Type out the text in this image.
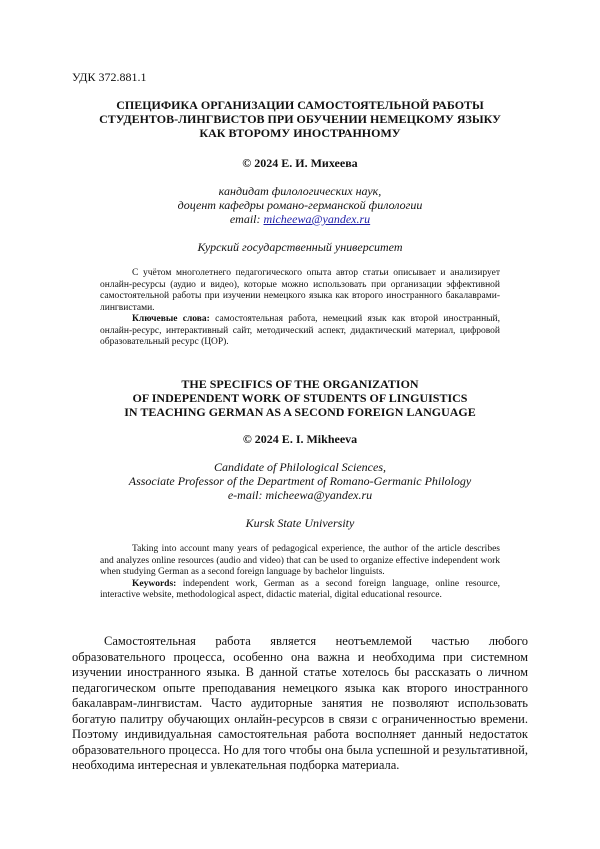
УДК 372.881.1
СПЕЦИФИКА ОРГАНИЗАЦИИ САМОСТОЯТЕЛЬНОЙ РАБОТЫ
СТУДЕНТОВ-ЛИНГВИСТОВ ПРИ ОБУЧЕНИИ НЕМЕЦКОМУ ЯЗЫКУ
КАК ВТОРОМУ ИНОСТРАННОМУ
© 2024 Е. И. Михеева
кандидат филологических наук,
доцент кафедры романо-германской филологии
email: micheewa@yandex.ru
Курский государственный университет

С учётом многолетнего педагогического опыта автор статьи описывает и анализирует онлайн-ресурсы (аудио и видео), которые можно использовать при организации эффективной самостоятельной работы при изучении немецкого языка как второго иностранного бакалаврами-лингвистами.

Ключевые слова: самостоятельная работа, немецкий язык как второй иностранный, онлайн-ресурс, интерактивный сайт, методический аспект, дидактический материал, цифровой образовательный ресурс (ЦОР).

THE SPECIFICS OF THE ORGANIZATION
OF INDEPENDENT WORK OF STUDENTS OF LINGUISTICS
IN TEACHING GERMAN AS A SECOND FOREIGN LANGUAGE
© 2024 E. I. Mikheeva
Candidate of Philological Sciences,
Associate Professor of the Department of Romano-Germanic Philology
e-mail: micheewa@yandex.ru
Kursk State University

Taking into account many years of pedagogical experience, the author of the article describes and analyzes online resources (audio and video) that can be used to organize effective independent work when studying German as a second foreign language by bachelor linguists.

Keywords: independent work, German as a second foreign language, online resource, interactive website, methodological aspect, didactic material, digital educational resource.

Самостоятельная работа является неотъемлемой частью любого образовательного процесса, особенно она важна и необходима при системном изучении иностранного языка. В данной статье хотелось бы рассказать о личном педагогическом опыте преподавания немецкого языка как второго иностранного бакалаврам-лингвистам. Часто аудиторные занятия не позволяют использовать богатую палитру обучающих онлайн-ресурсов в связи с ограниченностью времени. Поэтому индивидуальная самостоятельная работа восполняет данный недостаток образовательного процесса. Но для того чтобы она была успешной и результативной, необходима интересная и увлекательная подборка материала.
